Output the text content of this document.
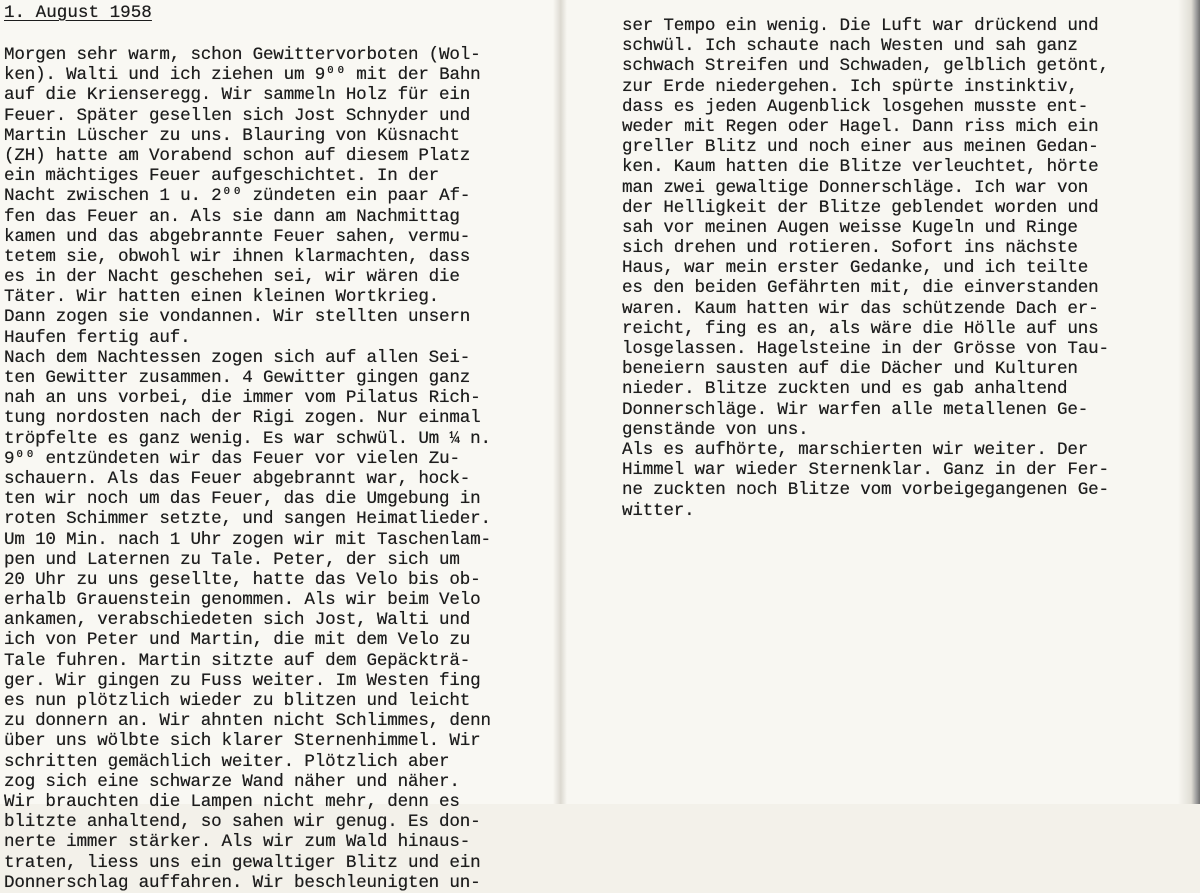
1. August 1958
Morgen sehr warm, schon Gewittervorboten (Wol-
ken). Walti und ich ziehen um 9⁰⁰ mit der Bahn
auf die Krienseregg. Wir sammeln Holz für ein
Feuer. Später gesellen sich Jost Schnyder und
Martin Lüscher zu uns. Blauring von Küsnacht
(ZH) hatte am Vorabend schon auf diesem Platz
ein mächtiges Feuer aufgeschichtet. In der
Nacht zwischen 1 u. 2⁰⁰ zündeten ein paar Af-
fen das Feuer an. Als sie dann am Nachmittag
kamen und das abgebrannte Feuer sahen, vermu-
tetem sie, obwohl wir ihnen klarmachten, dass
es in der Nacht geschehen sei, wir wären die
Täter. Wir hatten einen kleinen Wortkrieg.
Dann zogen sie vondannen. Wir stellten unsern
Haufen fertig auf.
Nach dem Nachtessen zogen sich auf allen Sei-
ten Gewitter zusammen. 4 Gewitter gingen ganz
nah an uns vorbei, die immer vom Pilatus Rich-
tung nordosten nach der Rigi zogen. Nur einmal
tröpfelte es ganz wenig. Es war schwül. Um ¼ n.
9⁰⁰ entzündeten wir das Feuer vor vielen Zu-
schauern. Als das Feuer abgebrannt war, hock-
ten wir noch um das Feuer, das die Umgebung in
roten Schimmer setzte, und sangen Heimatlieder.
Um 10 Min. nach 1 Uhr zogen wir mit Taschenlam-
pen und Laternen zu Tale. Peter, der sich um
20 Uhr zu uns gesellte, hatte das Velo bis ob-
erhalb Grauenstein genommen. Als wir beim Velo
ankamen, verabschiedeten sich Jost, Walti und
ich von Peter und Martin, die mit dem Velo zu
Tale fuhren. Martin sitzte auf dem Gepäckträ-
ger. Wir gingen zu Fuss weiter. Im Westen fing
es nun plötzlich wieder zu blitzen und leicht
zu donnern an. Wir ahnten nicht Schlimmes, denn
über uns wölbte sich klarer Sternenhimmel. Wir
schritten gemächlich weiter. Plötzlich aber
zog sich eine schwarze Wand näher und näher.
Wir brauchten die Lampen nicht mehr, denn es
blitzte anhaltend, so sahen wir genug. Es don-
nerte immer stärker. Als wir zum Wald hinaus-
traten, liess uns ein gewaltiger Blitz und ein
Donnerschlag auffahren. Wir beschleunigten un-
ser Tempo ein wenig. Die Luft war drückend und
schwül. Ich schaute nach Westen und sah ganz
schwach Streifen und Schwaden, gelblich getönt,
zur Erde niedergehen. Ich spürte instinktiv,
dass es jeden Augenblick losgehen musste ent-
weder mit Regen oder Hagel. Dann riss mich ein
greller Blitz und noch einer aus meinen Gedan-
ken. Kaum hatten die Blitze verleuchtet, hörte
man zwei gewaltige Donnerschläge. Ich war von
der Helligkeit der Blitze geblendet worden und
sah vor meinen Augen weisse Kugeln und Ringe
sich drehen und rotieren. Sofort ins nächste
Haus, war mein erster Gedanke, und ich teilte
es den beiden Gefährten mit, die einverstanden
waren. Kaum hatten wir das schützende Dach er-
reicht, fing es an, als wäre die Hölle auf uns
losgelassen. Hagelsteine in der Grösse von Tau-
beneiern sausten auf die Dächer und Kulturen
nieder. Blitze zuckten und es gab anhaltend
Donnerschläge. Wir warfen alle metallenen Ge-
genstände von uns.
Als es aufhörte, marschierten wir weiter. Der
Himmel war wieder Sternenklar. Ganz in der Fer-
ne zuckten noch Blitze vom vorbeigegangenen Ge-
witter.
